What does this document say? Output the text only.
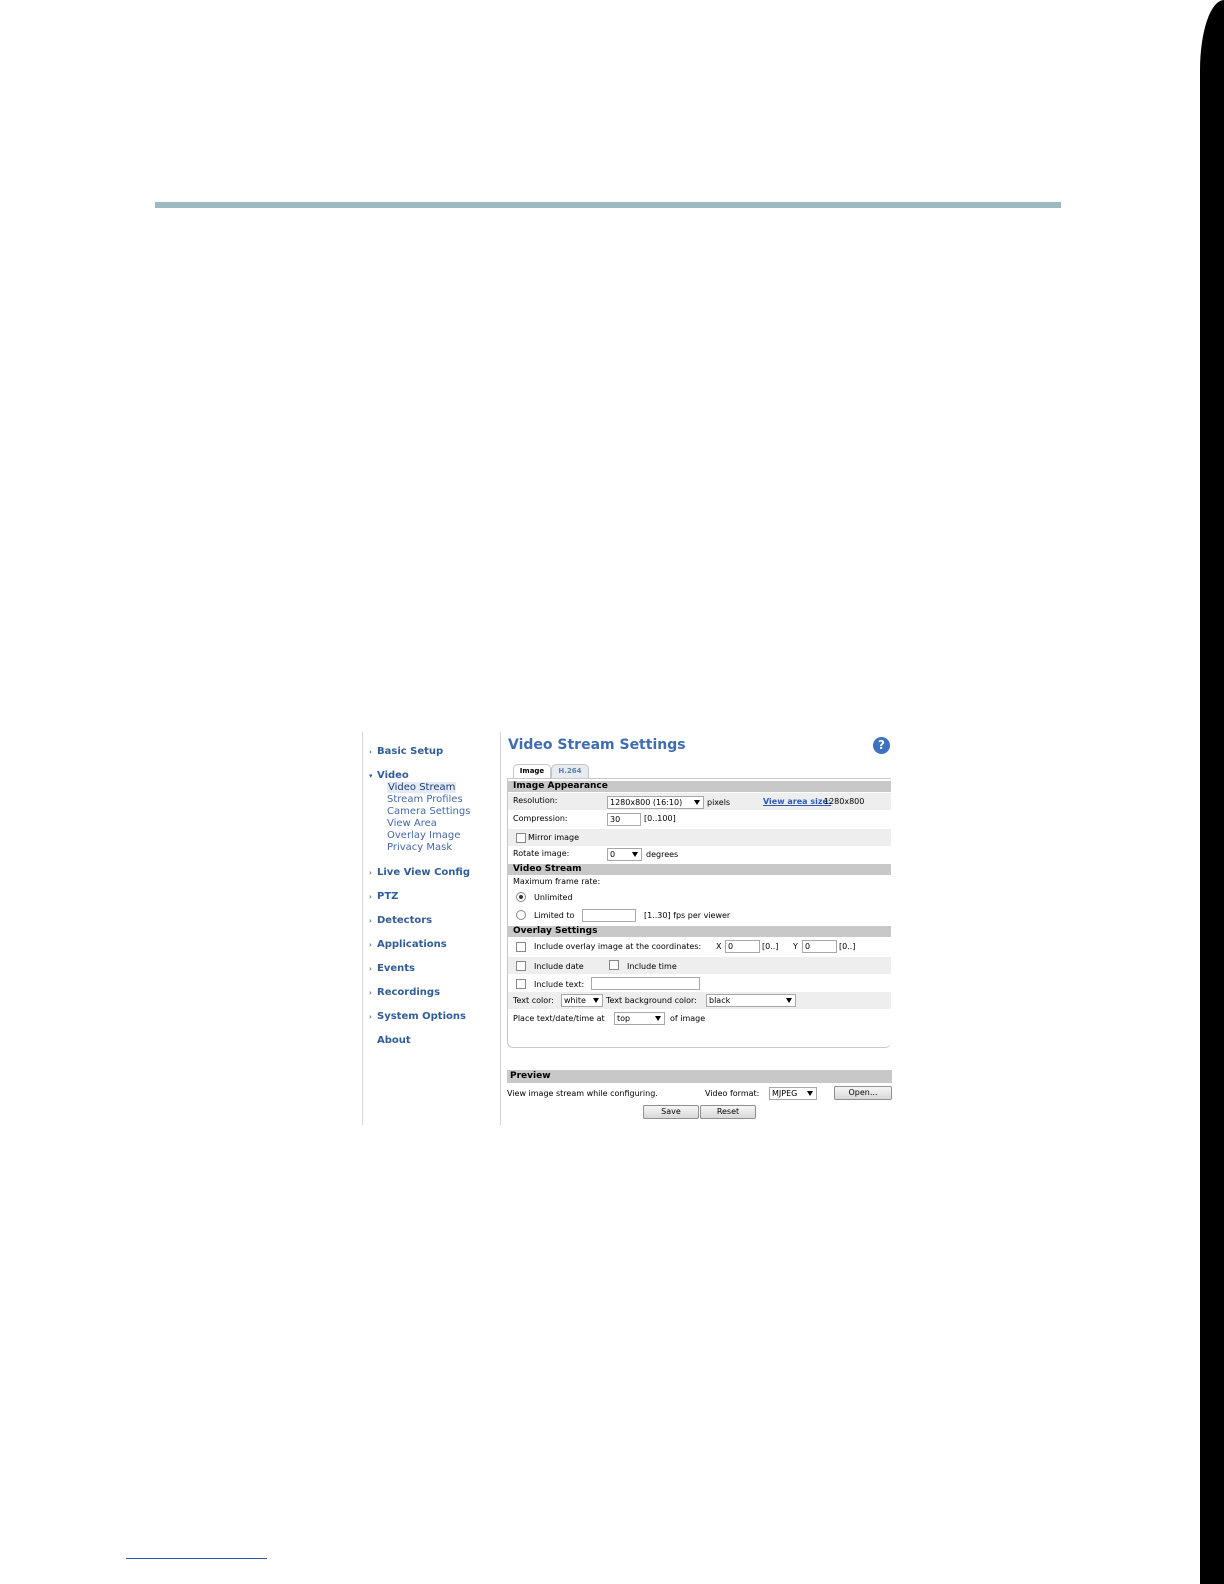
› Basic Setup
▾ Video
Video Stream
Stream Profiles
Camera Settings
View Area
Overlay Image
Privacy Mask
› Live View Config
› PTZ
› Detectors
› Applications
› Events
› Recordings
› System Options
About
Video Stream Settings	?
Image	H.264
Image Appearance
Resolution:	1280x800 (16:10)	pixels	View area size:
1280x800
Compression:	30	[0..100]
Mirror image
Rotate image:	0	degrees
Video Stream
Maximum frame rate:
Unlimited
Limited to	[1..30] fps per viewer
Overlay Settings
Include overlay image at the coordinates: X 0	[0..] Y 0	[0..]
Include date	Include time
Include text:
Text color:	white	Text background color:	black
Place text/date/time at	top	of image
Preview
View image stream while configuring.	Video format:	MJPEG	Open...
Save	Reset
